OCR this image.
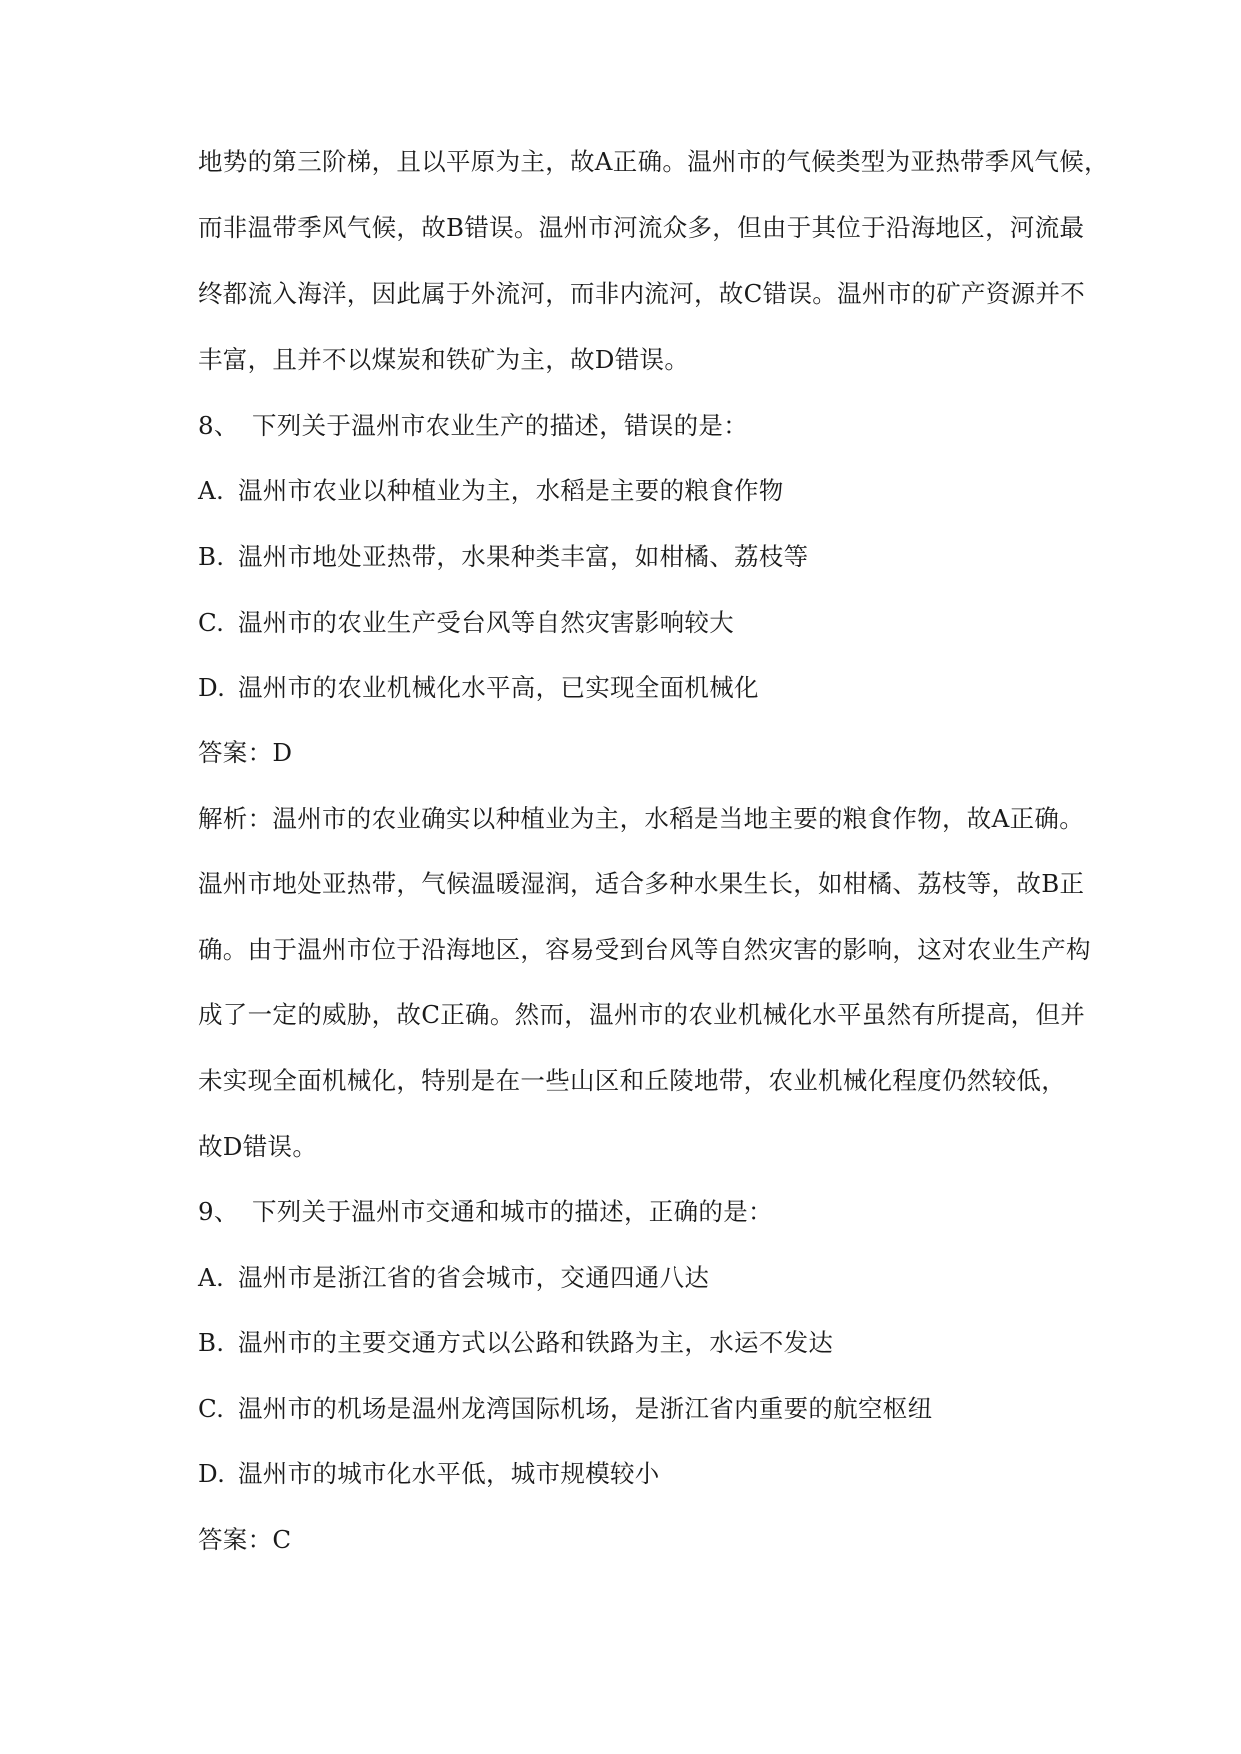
地势的第三阶梯，且以平原为主，故A正确。温州市的气候类型为亚热带季风气候，
而非温带季风气候，故B错误。温州市河流众多，但由于其位于沿海地区，河流最
终都流入海洋，因此属于外流河，而非内流河，故C错误。温州市的矿产资源并不
丰富，且并不以煤炭和铁矿为主，故D错误。
8、 下列关于温州市农业生产的描述，错误的是：
A. 温州市农业以种植业为主，水稻是主要的粮食作物
B. 温州市地处亚热带，水果种类丰富，如柑橘、荔枝等
C. 温州市的农业生产受台风等自然灾害影响较大
D. 温州市的农业机械化水平高，已实现全面机械化
答案：D
解析：温州市的农业确实以种植业为主，水稻是当地主要的粮食作物，故A正确。
温州市地处亚热带，气候温暖湿润，适合多种水果生长，如柑橘、荔枝等，故B正
确。由于温州市位于沿海地区，容易受到台风等自然灾害的影响，这对农业生产构
成了一定的威胁，故C正确。然而，温州市的农业机械化水平虽然有所提高，但并
未实现全面机械化，特别是在一些山区和丘陵地带，农业机械化程度仍然较低，
故D错误。
9、 下列关于温州市交通和城市的描述，正确的是：
A. 温州市是浙江省的省会城市，交通四通八达
B. 温州市的主要交通方式以公路和铁路为主，水运不发达
C. 温州市的机场是温州龙湾国际机场，是浙江省内重要的航空枢纽
D. 温州市的城市化水平低，城市规模较小
答案：C
